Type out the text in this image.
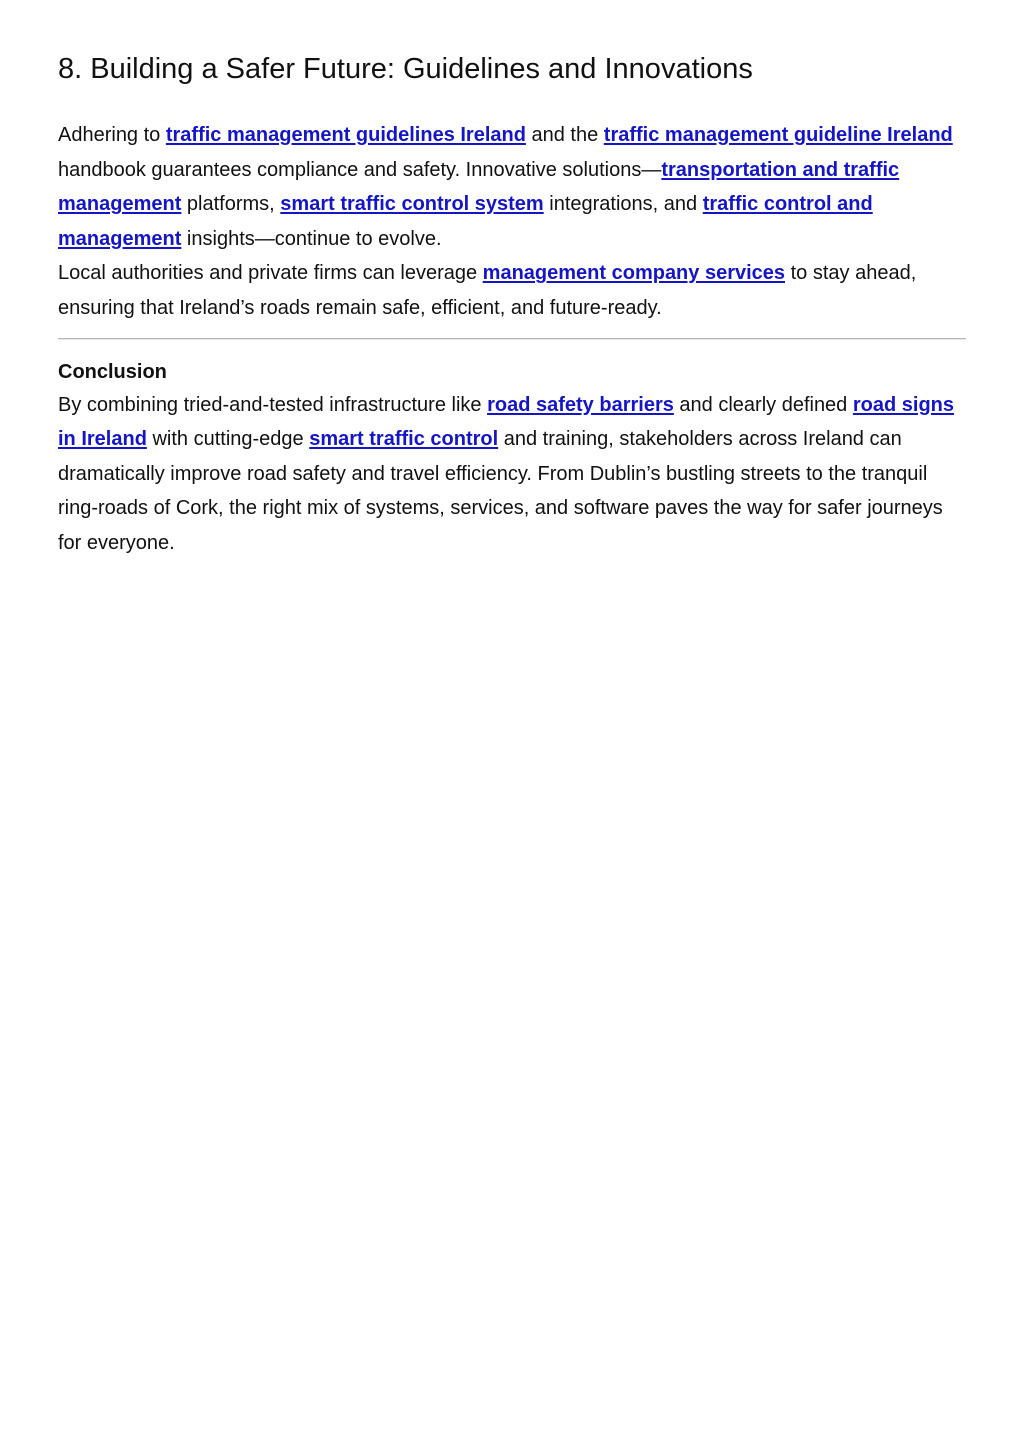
8. Building a Safer Future: Guidelines and Innovations

Adhering to traffic management guidelines Ireland and the traffic management guideline Ireland handbook guarantees compliance and safety. Innovative solutions—transportation and traffic management platforms, smart traffic control system integrations, and traffic control and management insights—continue to evolve.

Local authorities and private firms can leverage management company services to stay ahead, ensuring that Ireland’s roads remain safe, efficient, and future-ready.

Conclusion

By combining tried-and-tested infrastructure like road safety barriers and clearly defined road signs in Ireland with cutting-edge smart traffic control and training, stakeholders across Ireland can dramatically improve road safety and travel efficiency. From Dublin’s bustling streets to the tranquil ring-roads of Cork, the right mix of systems, services, and software paves the way for safer journeys for everyone.
